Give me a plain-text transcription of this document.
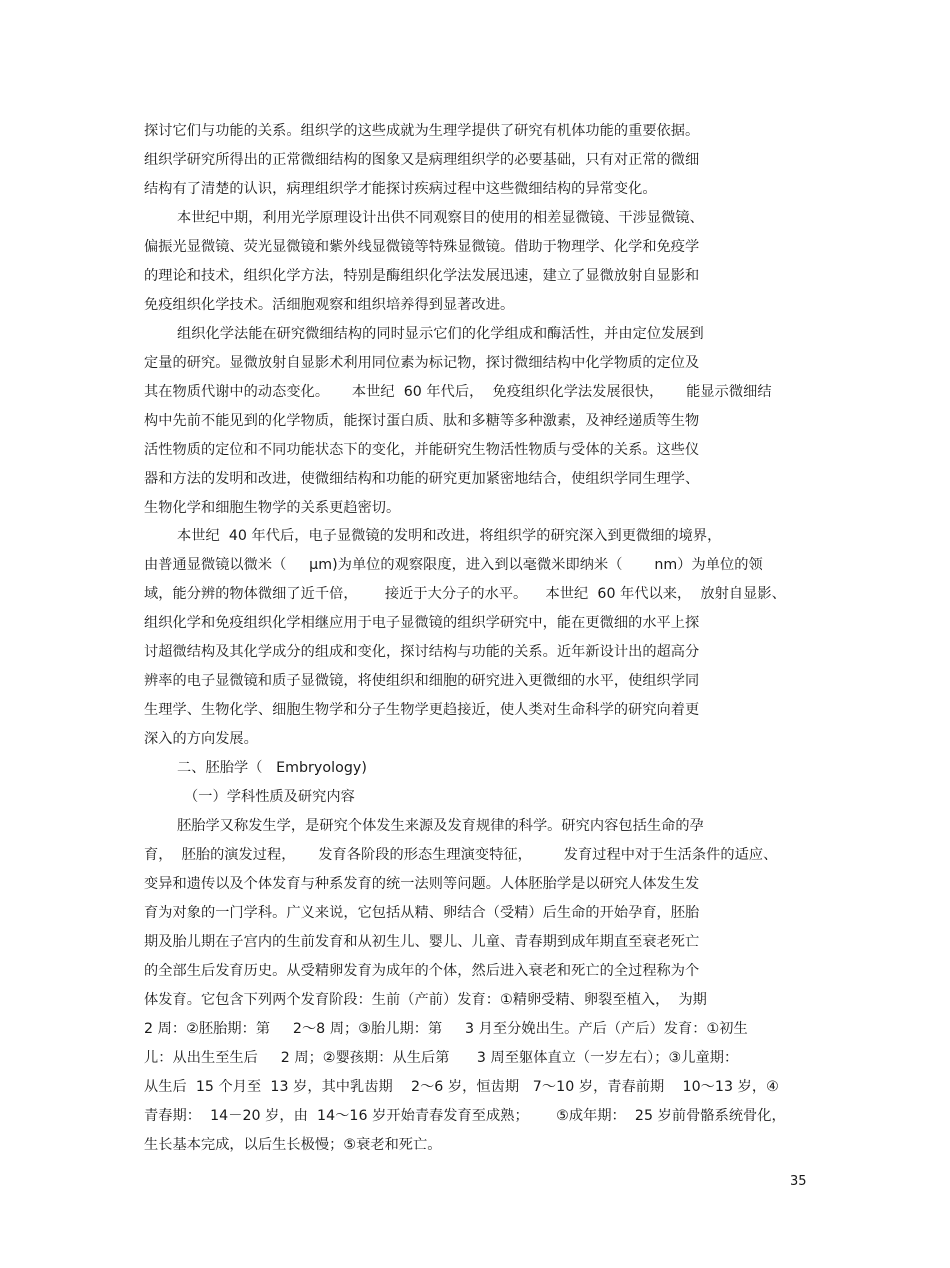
探讨它们与功能的关系。组织学的这些成就为生理学提供了研究有机体功能的重要依据。
组织学研究所得出的正常微细结构的图象又是病理组织学的必要基础，只有对正常的微细
结构有了清楚的认识，病理组织学才能探讨疾病过程中这些微细结构的异常变化。
本世纪中期，利用光学原理设计出供不同观察目的使用的相差显微镜、干涉显微镜、
偏振光显微镜、荧光显微镜和紫外线显微镜等特殊显微镜。借助于物理学、化学和免疫学
的理论和技术，组织化学方法，特别是酶组织化学法发展迅速，建立了显微放射自显影和
免疫组织化学技术。活细胞观察和组织培养得到显著改进。
组织化学法能在研究微细结构的同时显示它们的化学组成和酶活性，并由定位发展到
定量的研究。显微放射自显影术利用同位素为标记物，探讨微细结构中化学物质的定位及
其在物质代谢中的动态变化。     本世纪  60 年代后，  免疫组织化学法发展很快，     能显示微细结
构中先前不能见到的化学物质，能探讨蛋白质、肽和多糖等多种激素，及神经递质等生物
活性物质的定位和不同功能状态下的变化，并能研究生物活性物质与受体的关系。这些仪
器和方法的发明和改进，使微细结构和功能的研究更加紧密地结合，使组织学同生理学、
生物化学和细胞生物学的关系更趋密切。
本世纪  40 年代后，电子显微镜的发明和改进，将组织学的研究深入到更微细的境界，
由普通显微镜以微米（     μm)为单位的观察限度，进入到以毫微米即纳米（       nm）为单位的领
域，能分辨的物体微细了近千倍，      接近于大分子的水平。    本世纪  60 年代以来，  放射自显影、
组织化学和免疫组织化学相继应用于电子显微镜的组织学研究中，能在更微细的水平上探
讨超微结构及其化学成分的组成和变化，探讨结构与功能的关系。近年新设计出的超高分
辨率的电子显微镜和质子显微镜，将使组织和细胞的研究进入更微细的水平，使组织学同
生理学、生物化学、细胞生物学和分子生物学更趋接近，使人类对生命科学的研究向着更
深入的方向发展。
二、胚胎学（   Embryology)
（一）学科性质及研究内容
胚胎学又称发生学，是研究个体发生来源及发育规律的科学。研究内容包括生命的孕
育，  胚胎的演发过程，     发育各阶段的形态生理演变特征，       发育过程中对于生活条件的适应、
变异和遗传以及个体发育与种系发育的统一法则等问题。人体胚胎学是以研究人体发生发
育为对象的一门学科。广义来说，它包括从精、卵结合（受精）后生命的开始孕育，胚胎
期及胎儿期在子宫内的生前发育和从初生儿、婴儿、儿童、青春期到成年期直至衰老死亡
的全部生后发育历史。从受精卵发育为成年的个体，然后进入衰老和死亡的全过程称为个
体发育。它包含下列两个发育阶段：生前（产前）发育：①精卵受精、卵裂至植入，  为期
2 周：②胚胎期：第     2～8 周；③胎儿期：第     3 月至分娩出生。产后（产后）发育：①初生
儿：从出生至生后     2 周；②婴孩期：从生后第      3 周至躯体直立（一岁左右）；③儿童期：
从生后  15 个月至  13 岁，其中乳齿期    2～6 岁，恒齿期   7～10 岁，青春前期    10～13 岁，④
青春期：  14－20 岁，由  14～16 岁开始青春发育至成熟；      ⑤成年期：  25 岁前骨骼系统骨化，
生长基本完成，以后生长极慢；⑤衰老和死亡。
35
